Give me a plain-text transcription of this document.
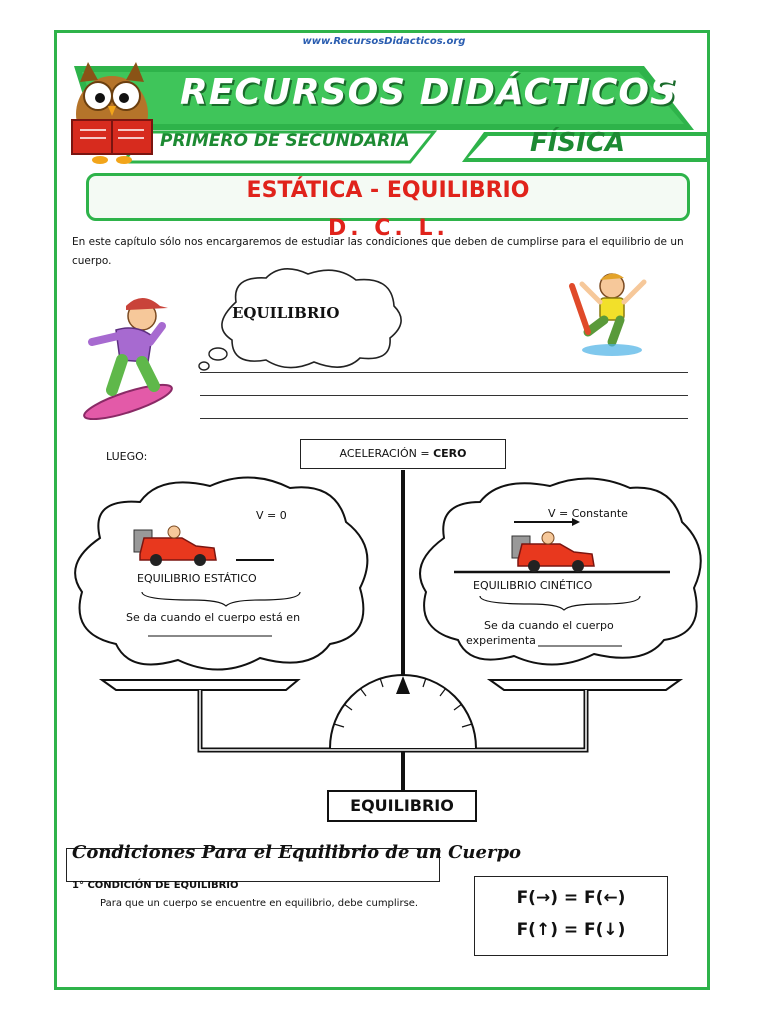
www.RecursosDidacticos.org
RECURSOS DIDÁCTICOS
PRIMERO DE SECUNDARIA	FÍSICA
ESTÁTICA - EQUILIBRIO
En este capítulo sólo nos encargaremos de estudiar las condiciones que deben de cumplirse para el equilibrio de un cuerpo.
D. C. L.
EQUILIBRIO
LUEGO:	ACELERACIÓN = CERO
V = 0
EQUILIBRIO ESTÁTICO
Se da cuando el cuerpo está en
V = Constante
EQUILIBRIO CINÉTICO
Se da cuando el cuerpo
experimenta
EQUILIBRIO
Condiciones Para el Equilibrio de un Cuerpo
1° CONDICIÓN DE EQUILIBRIO
Para que un cuerpo se encuentre en equilibrio, debe cumplirse.	F(→) = F(←)
F(↑) = F(↓)
